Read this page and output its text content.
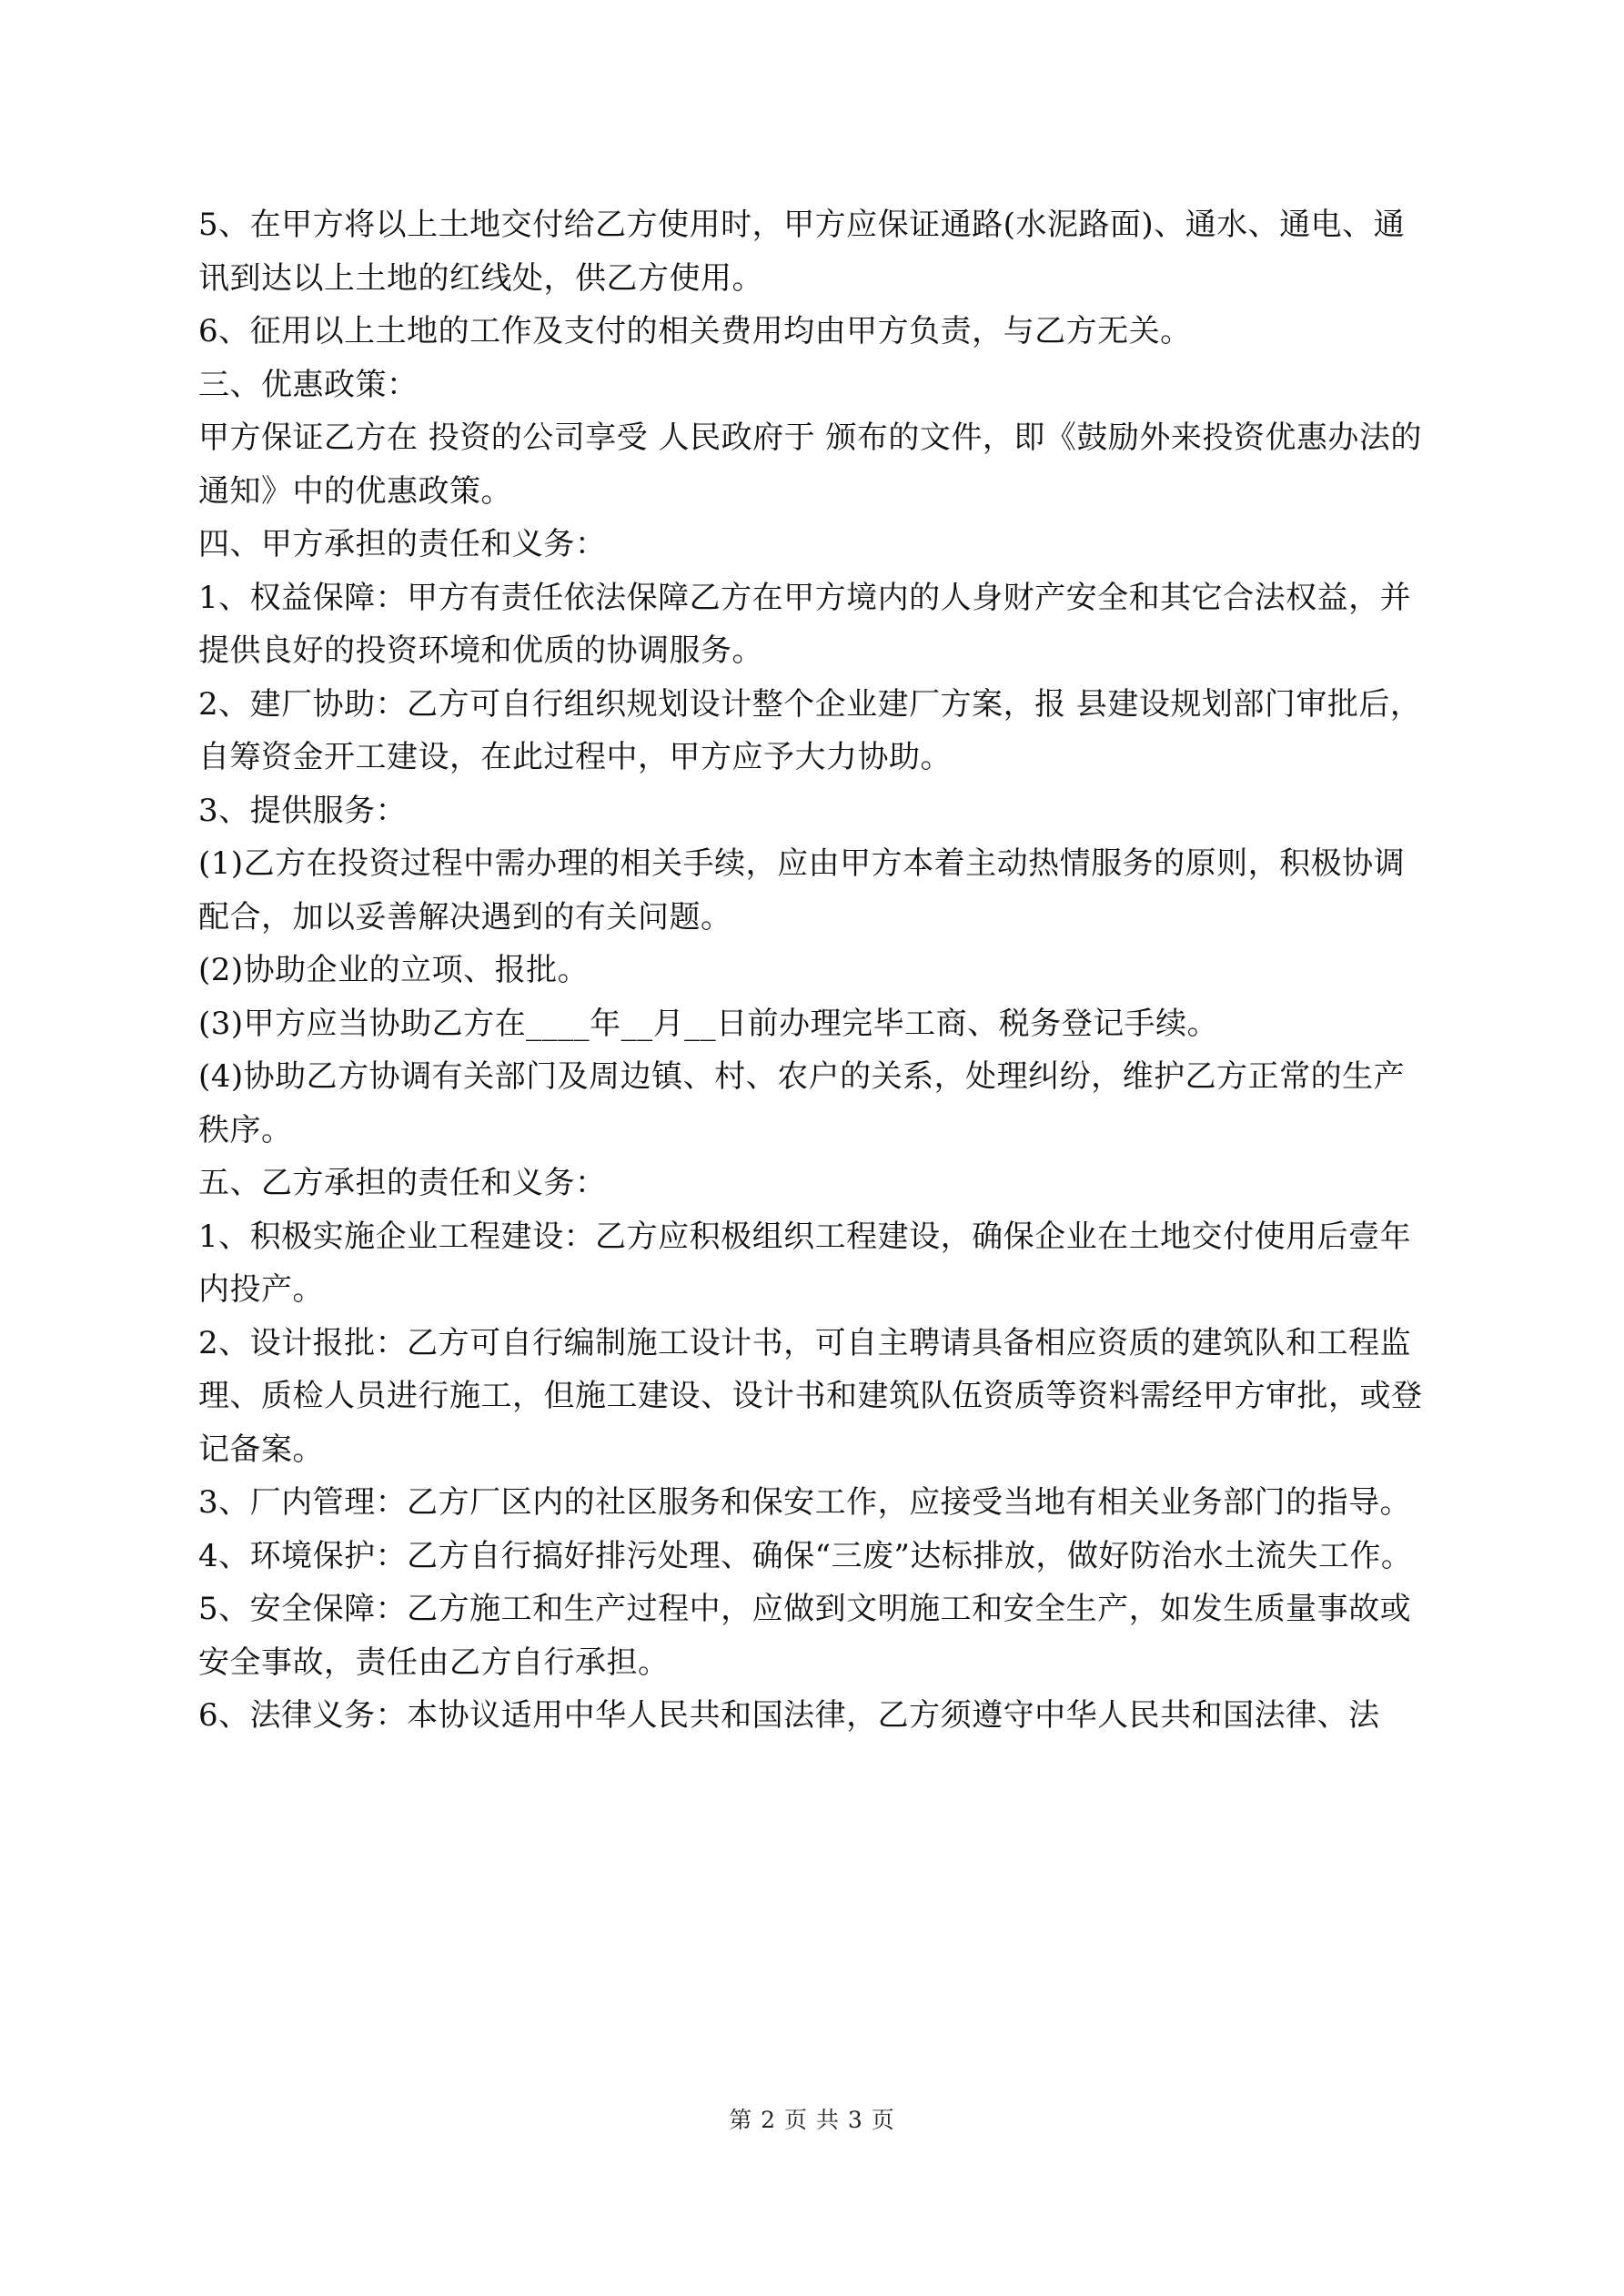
5、在甲方将以上土地交付给乙方使用时，甲方应保证通路(水泥路面)、通水、通电、通讯到达以上土地的红线处，供乙方使用。

6、征用以上土地的工作及支付的相关费用均由甲方负责，与乙方无关。

三、优惠政策：

甲方保证乙方在 投资的公司享受 人民政府于 颁布的文件，即《鼓励外来投资优惠办法的通知》中的优惠政策。

四、甲方承担的责任和义务：

1、权益保障：甲方有责任依法保障乙方在甲方境内的人身财产安全和其它合法权益，并提供良好的投资环境和优质的协调服务。

2、建厂协助：乙方可自行组织规划设计整个企业建厂方案，报 县建设规划部门审批后，自筹资金开工建设，在此过程中，甲方应予大力协助。

3、提供服务：

(1)乙方在投资过程中需办理的相关手续，应由甲方本着主动热情服务的原则，积极协调配合，加以妥善解决遇到的有关问题。

(2)协助企业的立项、报批。

(3)甲方应当协助乙方在____年__月__日前办理完毕工商、税务登记手续。

(4)协助乙方协调有关部门及周边镇、村、农户的关系，处理纠纷，维护乙方正常的生产秩序。

五、乙方承担的责任和义务：

1、积极实施企业工程建设：乙方应积极组织工程建设，确保企业在土地交付使用后壹年内投产。

2、设计报批：乙方可自行编制施工设计书，可自主聘请具备相应资质的建筑队和工程监理、质检人员进行施工，但施工建设、设计书和建筑队伍资质等资料需经甲方审批，或登记备案。

3、厂内管理：乙方厂区内的社区服务和保安工作，应接受当地有相关业务部门的指导。

4、环境保护：乙方自行搞好排污处理、确保“三废”达标排放，做好防治水土流失工作。

5、安全保障：乙方施工和生产过程中，应做到文明施工和安全生产，如发生质量事故或安全事故，责任由乙方自行承担。

6、法律义务：本协议适用中华人民共和国法律，乙方须遵守中华人民共和国法律、法

第 2 页 共 3 页
